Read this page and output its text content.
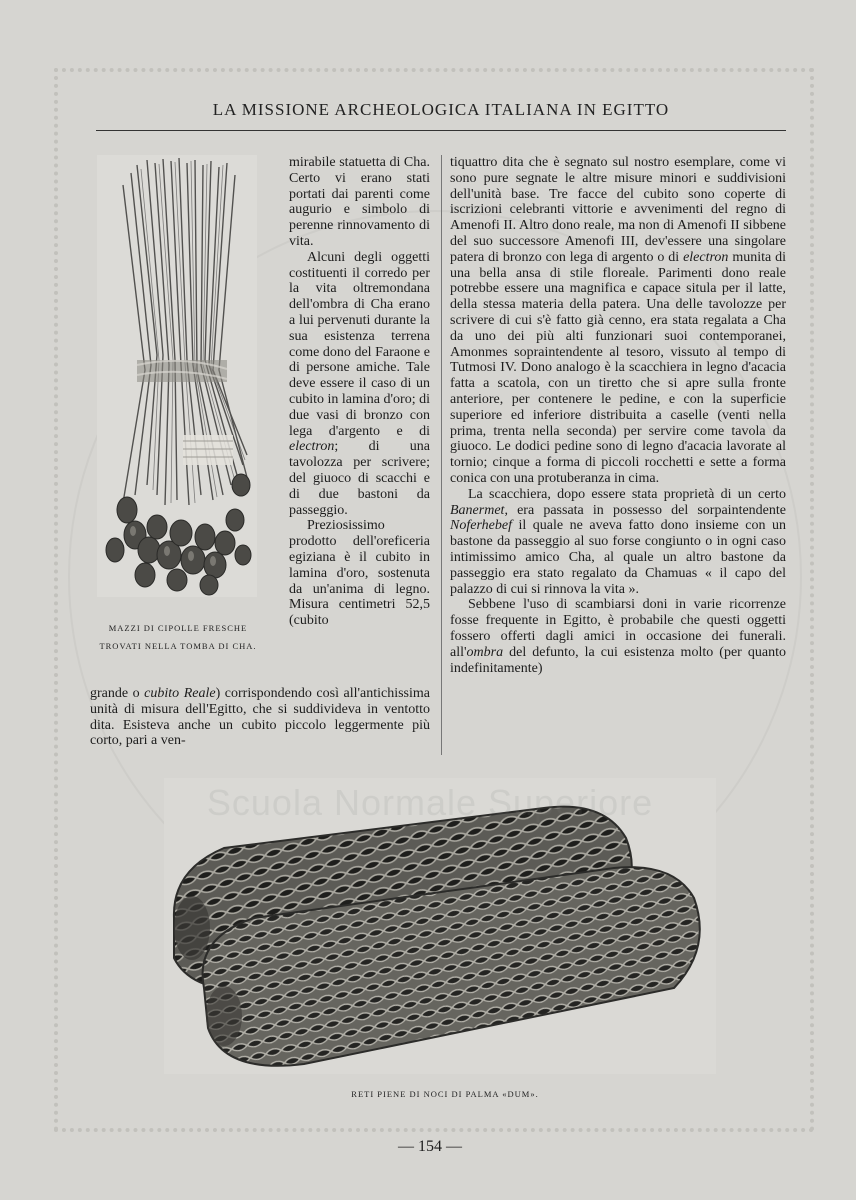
LA MISSIONE ARCHEOLOGICA ITALIANA IN EGITTO
MAZZI DI CIPOLLE FRESCHE
TROVATI NELLA TOMBA DI CHA.

mirabile statuetta di Cha. Certo vi erano stati portati dai parenti come augurio e simbolo di perenne rinnovamento di vita.

Alcuni degli oggetti costituenti il corredo per la vita oltremondana dell'ombra di Cha erano a lui pervenuti durante la sua esistenza terrena come dono del Faraone e di persone amiche. Tale deve essere il caso di un cubito in lamina d'oro; di due vasi di bronzo con lega d'argento e di electron; di una tavolozza per scrivere; del giuoco di scacchi e di due bastoni da passeggio.

Preziosissimo prodotto dell'oreficeria egiziana è il cubito in lamina d'oro, sostenuta da un'anima di legno. Misura centimetri 52,5 (cubito

grande o cubito Reale) corrispondendo così all'antichissima unità di misura dell'Egitto, che si suddivideva in ventotto dita. Esisteva anche un cubito piccolo leggermente più corto, pari a ven-

tiquattro dita che è segnato sul nostro esemplare, come vi sono pure segnate le altre misure minori e suddivisioni dell'unità base. Tre facce del cubito sono coperte di iscrizioni celebranti vittorie e avvenimenti del regno di Amenofi II. Altro dono reale, ma non di Amenofi II sibbene del suo successore Amenofi III, dev'essere una singolare patera di bronzo con lega di argento o di electron munita di una bella ansa di stile floreale. Parimenti dono reale potrebbe essere una magnifica e capace situla per il latte, della stessa materia della patera. Una delle tavolozze per scrivere di cui s'è fatto già cenno, era stata regalata a Cha da uno dei più alti funzionari suoi contemporanei, Amonmes sopraintendente al tesoro, vissuto al tempo di Tutmosi IV. Dono analogo è la scacchiera in legno d'acacia fatta a scatola, con un tiretto che si apre sulla fronte anteriore, per contenere le pedine, e con la superficie superiore ed inferiore distribuita a caselle (venti nella prima, trenta nella seconda) per servire come tavola da giuoco. Le dodici pedine sono di legno d'acacia lavorate al tornio; cinque a forma di piccoli rocchetti e sette a forma conica con una protuberanza in cima.

La scacchiera, dopo essere stata proprietà di un certo Banermet, era passata in possesso del sorpaintendente Noferhebef il quale ne aveva fatto dono insieme con un bastone da passeggio al suo forse congiunto o in ogni caso intimissimo amico Cha, al quale un altro bastone da passeggio era stato regalato da Chamuas « il capo del palazzo di cui si rinnova la vita ».

Sebbene l'uso di scambiarsi doni in varie ricorrenze fosse frequente in Egitto, è probabile che questi oggetti fossero offerti dagli amici in occasione dei funerali. all'ombra del defunto, la cui esistenza molto (per quanto indefinitamente)

Scuola Normale Superiore
RETI PIENE DI NOCI DI PALMA «DUM».
— 154 —
